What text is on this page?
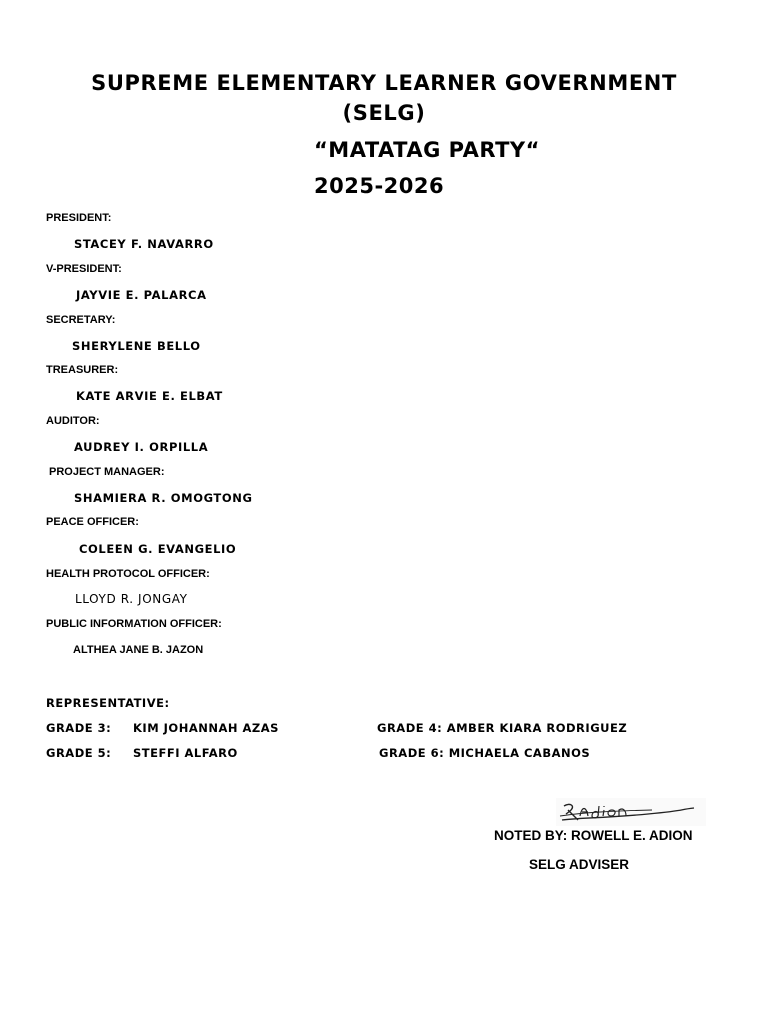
SUPREME ELEMENTARY LEARNER GOVERNMENT
(SELG)
“MATATAG PARTY“
2025-2026
PRESIDENT:
STACEY F. NAVARRO
V-PRESIDENT:
JAYVIE E. PALARCA
SECRETARY:
SHERYLENE BELLO
TREASURER:
KATE ARVIE E. ELBAT
AUDITOR:
AUDREY I. ORPILLA
PROJECT MANAGER:
SHAMIERA R. OMOGTONG
PEACE OFFICER:
COLEEN G. EVANGELIO
HEALTH PROTOCOL OFFICER:
LLOYD R. JONGAY
PUBLIC INFORMATION OFFICER:
ALTHEA JANE B. JAZON
REPRESENTATIVE:
GRADE 3: KIM JOHANNAH AZAS	GRADE 4: AMBER KIARA RODRIGUEZ
GRADE 5: STEFFI ALFARO	GRADE 6: MICHAELA CABANOS
NOTED BY: ROWELL E. ADION
SELG ADVISER
